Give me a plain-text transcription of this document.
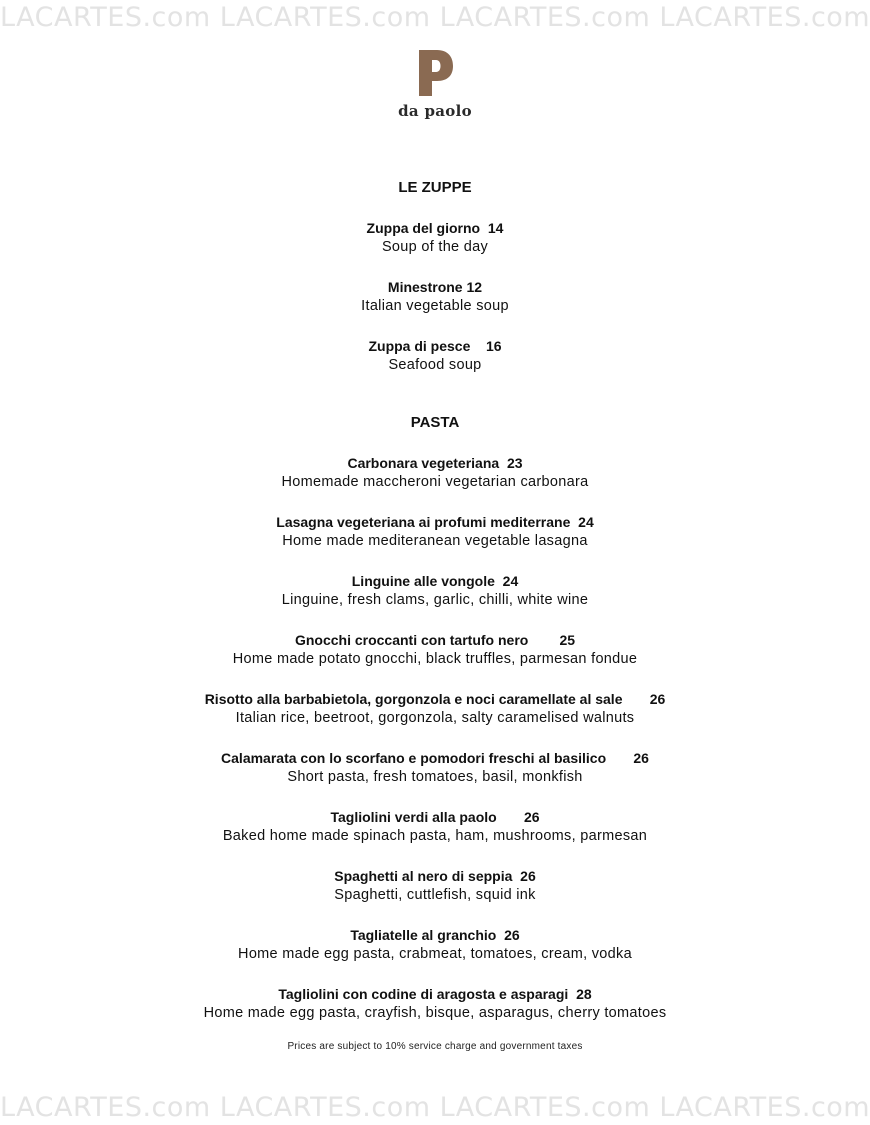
LACARTES.com LACARTES.com LACARTES.com LACARTES.com
da paolo
LE ZUPPE
Zuppa del giorno 14
Soup of the day
Minestrone 12
Italian vegetable soup
Zuppa di pesce 16
Seafood soup
PASTA
Carbonara vegeteriana 23
Homemade maccheroni vegetarian carbonara
Lasagna vegeteriana ai profumi mediterrane 24
Home made mediteranean vegetable lasagna
Linguine alle vongole 24
Linguine, fresh clams, garlic, chilli, white wine
Gnocchi croccanti con tartufo nero 25
Home made potato gnocchi, black truffles, parmesan fondue
Risotto alla barbabietola, gorgonzola e noci caramellate al sale 26
Italian rice, beetroot, gorgonzola, salty caramelised walnuts
Calamarata con lo scorfano e pomodori freschi al basilico 26
Short pasta, fresh tomatoes, basil, monkfish
Tagliolini verdi alla paolo 26
Baked home made spinach pasta, ham, mushrooms, parmesan
Spaghetti al nero di seppia 26
Spaghetti, cuttlefish, squid ink
Tagliatelle al granchio 26
Home made egg pasta, crabmeat, tomatoes, cream, vodka
Tagliolini con codine di aragosta e asparagi 28
Home made egg pasta, crayfish, bisque, asparagus, cherry tomatoes
Prices are subject to 10% service charge and government taxes
LACARTES.com LACARTES.com LACARTES.com LACARTES.com
